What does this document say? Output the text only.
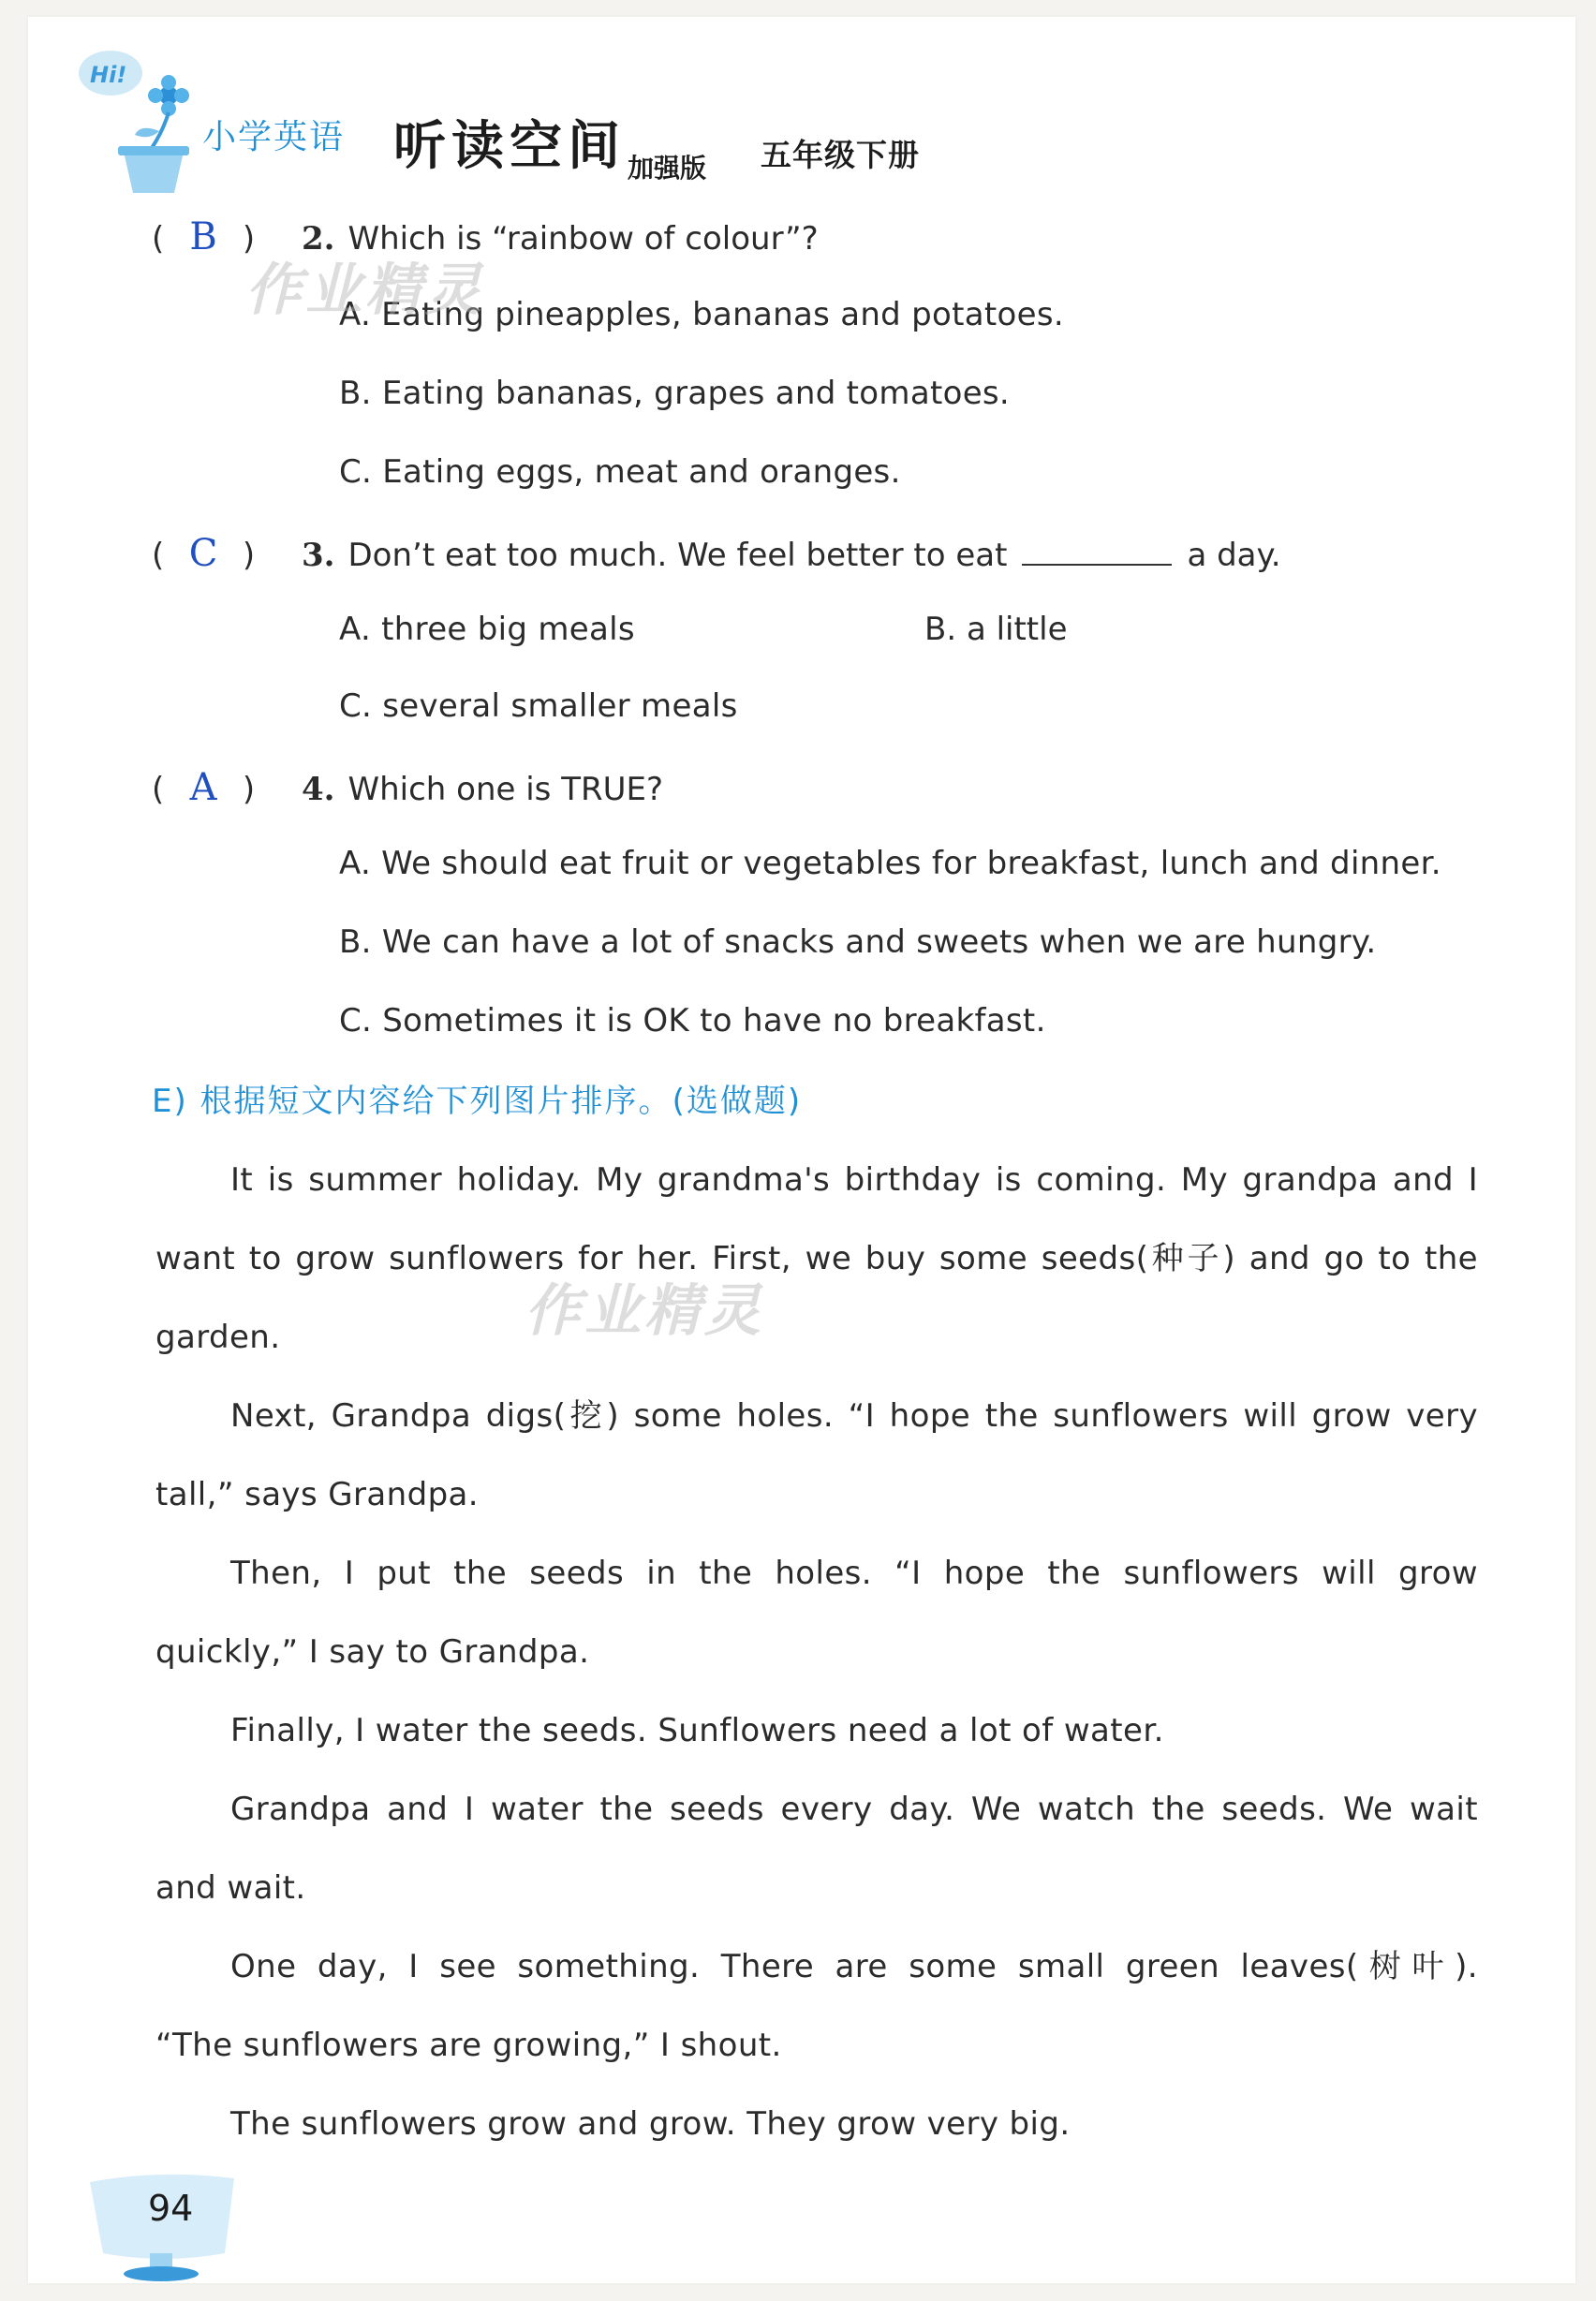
Hi!
小学英语 听读空间 加强版 五年级下册
( B )	2. Which is “rainbow of colour”?
A. Eating pineapples, bananas and potatoes.
B. Eating bananas, grapes and tomatoes.
C. Eating eggs, meat and oranges.
( C )	3. Don’t eat too much. We feel better to eat	a day.
A. three big meals	B. a little
C. several smaller meals
( A )	4. Which one is TRUE?
A. We should eat fruit or vegetables for breakfast, lunch and dinner.
B. We can have a lot of snacks and sweets when we are hungry.
C. Sometimes it is OK to have no breakfast.
E) 根据短文内容给下列图片排序。(选做题)
It is summer holiday. My grandma's birthday is coming. My grandpa and I
want to grow sunflowers for her. First, we buy some seeds(种子) and go to the
garden.
Next, Grandpa digs(挖) some holes. “I hope the sunflowers will grow very
tall,” says Grandpa.
Then, I put the seeds in the holes. “I hope the sunflowers will grow
quickly,” I say to Grandpa.
Finally, I water the seeds. Sunflowers need a lot of water.
Grandpa and I water the seeds every day. We watch the seeds. We wait
and wait.
One day, I see something. There are some small green leaves(树叶).
“The sunflowers are growing,” I shout.
The sunflowers grow and grow. They grow very big.
作业精灵
作业精灵
94
